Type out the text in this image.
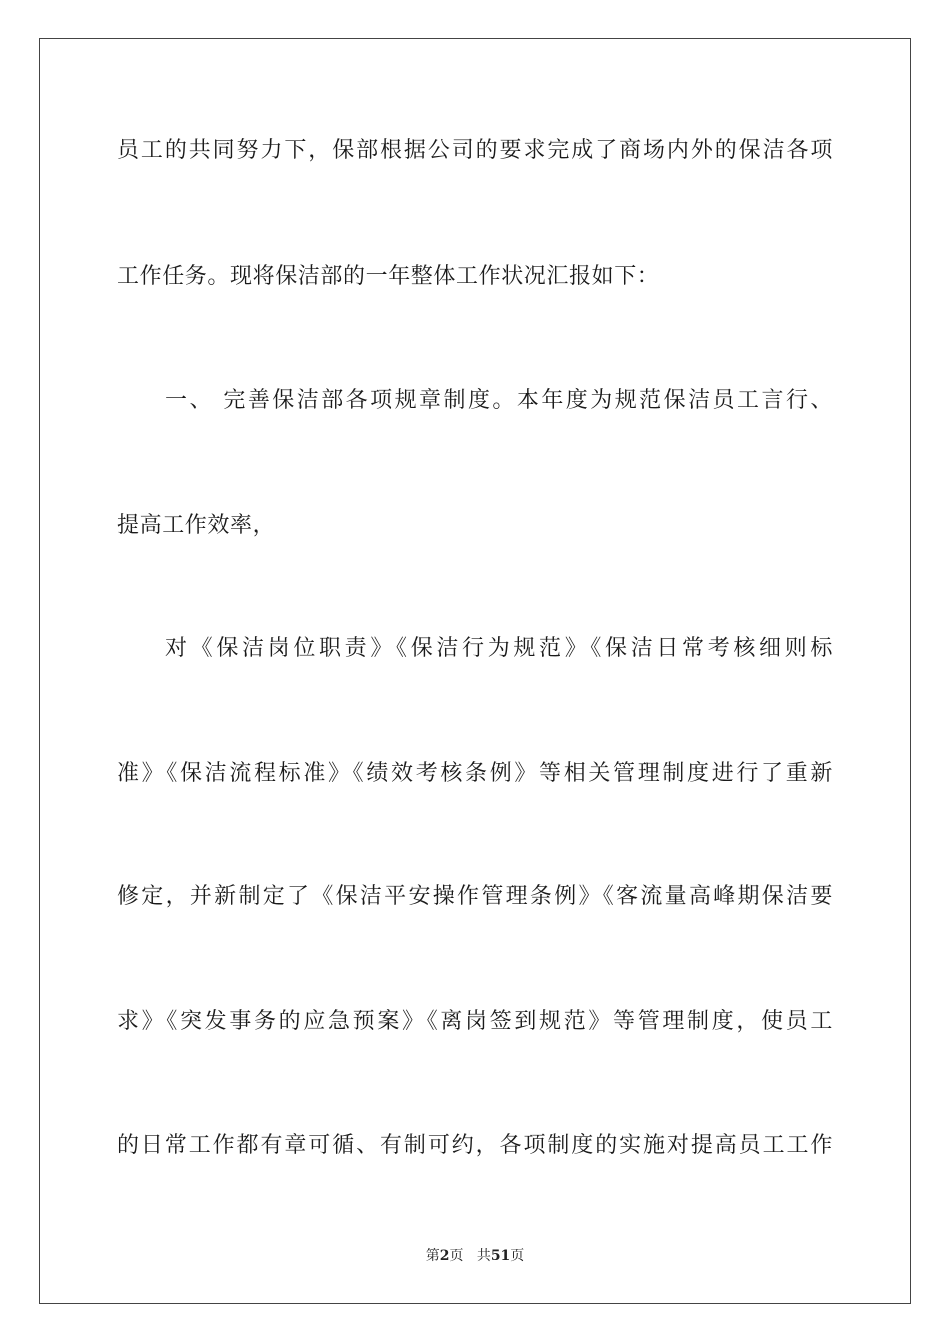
员工的共同努力下，保部根据公司的要求完成了商场内外的保洁各项
工作任务。现将保洁部的一年整体工作状况汇报如下：
一、 完善保洁部各项规章制度。本年度为规范保洁员工言行、
提高工作效率，
对《保洁岗位职责》《保洁行为规范》《保洁日常考核细则标
准》《保洁流程标准》《绩效考核条例》等相关管理制度进行了重新
修定，并新制定了《保洁平安操作管理条例》《客流量高峰期保洁要
求》《突发事务的应急预案》《离岗签到规范》等管理制度，使员工
的日常工作都有章可循、有制可约，各项制度的实施对提高员工工作
第2页 共51页
